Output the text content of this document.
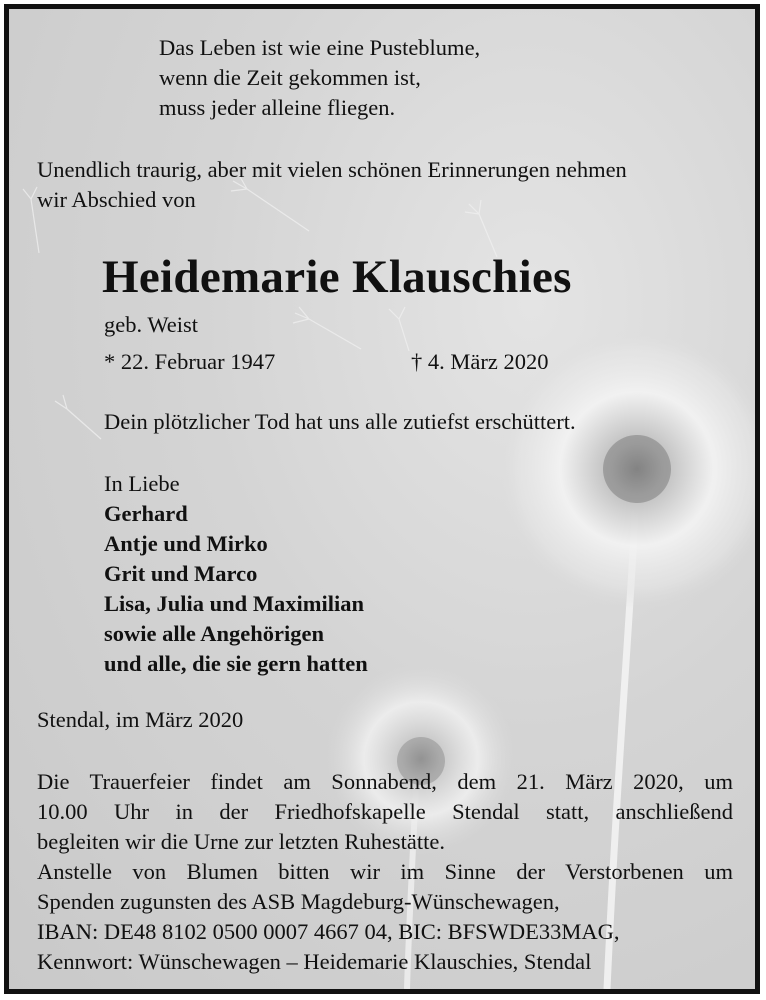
Das Leben ist wie eine Pusteblume,
wenn die Zeit gekommen ist,
muss jeder alleine fliegen.
Unendlich traurig, aber mit vielen schönen Erinnerungen nehmen
wir Abschied von
Heidemarie Klauschies
geb. Weist
* 22. Februar 1947	† 4. März 2020
Dein plötzlicher Tod hat uns alle zutiefst erschüttert.
In Liebe
Gerhard
Antje und Mirko
Grit und Marco
Lisa, Julia und Maximilian
sowie alle Angehörigen
und alle, die sie gern hatten
Stendal, im März 2020
Die Trauerfeier findet am Sonnabend, dem 21. März 2020, um
10.00 Uhr in der Friedhofskapelle Stendal statt, anschließend
begleiten wir die Urne zur letzten Ruhestätte.
Anstelle von Blumen bitten wir im Sinne der Verstorbenen um
Spenden zugunsten des ASB Magdeburg-Wünschewagen,
IBAN: DE48 8102 0500 0007 4667 04, BIC: BFSWDE33MAG,
Kennwort: Wünschewagen – Heidemarie Klauschies, Stendal
